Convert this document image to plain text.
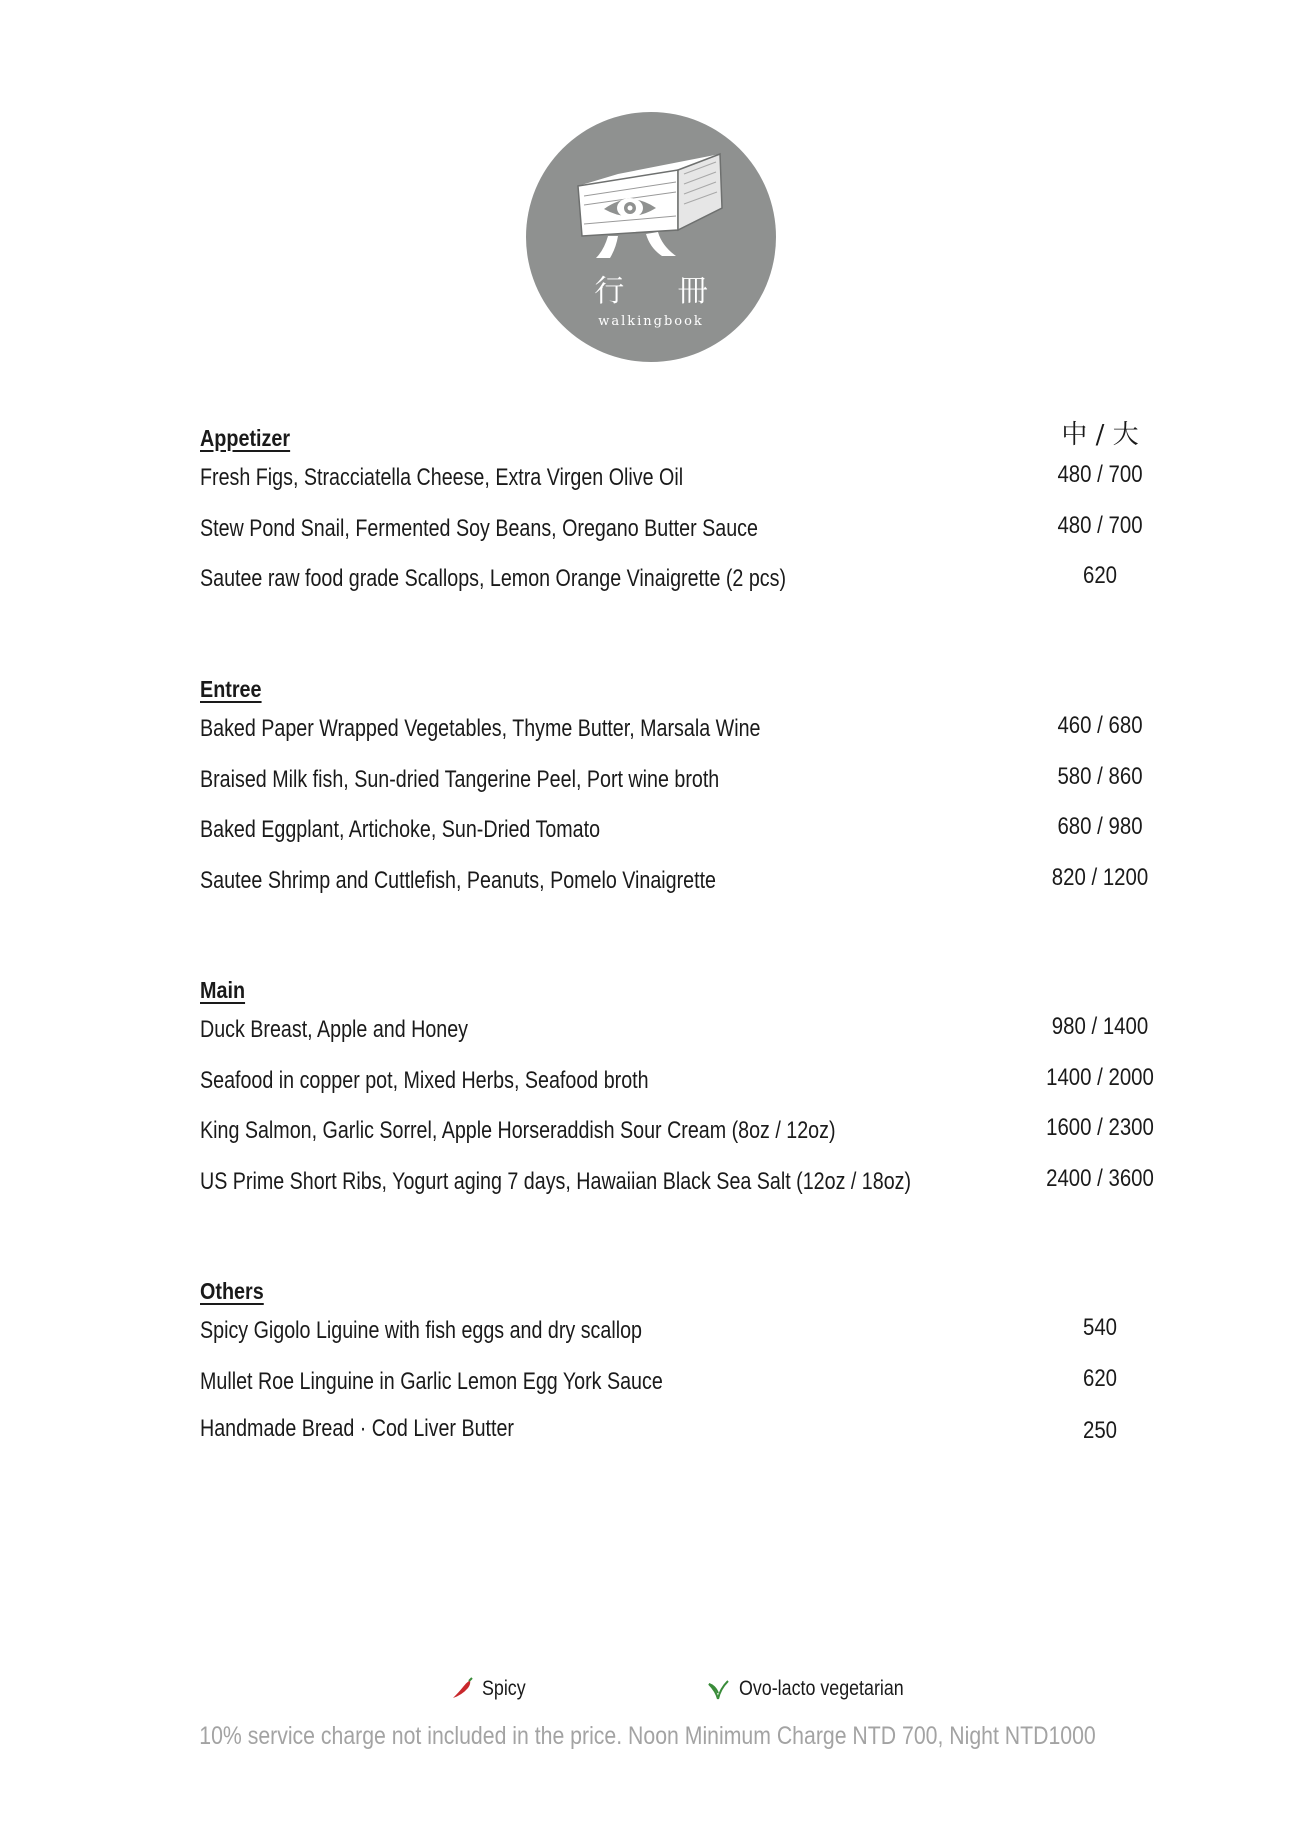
行 冊
walkingbook
中 / 大
Appetizer
Fresh Figs, Stracciatella Cheese, Extra Virgen Olive Oil	480 / 700
Stew Pond Snail, Fermented Soy Beans, Oregano Butter Sauce	480 / 700
Sautee raw food grade Scallops, Lemon Orange Vinaigrette (2 pcs)	620
Entree
Baked Paper Wrapped Vegetables, Thyme Butter, Marsala Wine	460 / 680
Braised Milk fish, Sun-dried Tangerine Peel, Port wine broth	580 / 860
Baked Eggplant, Artichoke, Sun-Dried Tomato	680 / 980
Sautee Shrimp and Cuttlefish, Peanuts, Pomelo Vinaigrette	820 / 1200
Main
Duck Breast, Apple and Honey	980 / 1400
Seafood in copper pot, Mixed Herbs, Seafood broth	1400 / 2000
King Salmon, Garlic Sorrel, Apple Horseraddish Sour Cream (8oz / 12oz)	1600 / 2300
US Prime Short Ribs, Yogurt aging 7 days, Hawaiian Black Sea Salt (12oz / 18oz)	2400 / 3600
Others
Spicy Gigolo Liguine with fish eggs and dry scallop	540
Mullet Roe Linguine in Garlic Lemon Egg York Sauce	620
Handmade Bread · Cod Liver Butter	250
Spicy	Ovo-lacto vegetarian
10% service charge not included in the price. Noon Minimum Charge NTD 700, Night NTD1000
